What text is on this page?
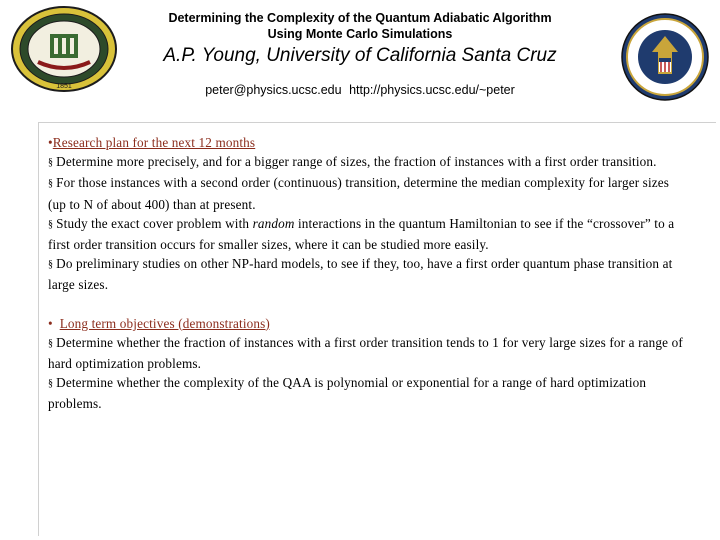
1851
Determining the Complexity of the Quantum Adiabatic Algorithm
Using Monte Carlo Simulations
A.P. Young, University of California Santa Cruz
peter@physics.ucsc.edu http://physics.ucsc.edu/~peter

•Research plan for the next 12 months

§ Determine more precisely, and for a bigger range of sizes, the fraction of instances with a first order transition.

§ For those instances with a second order (continuous) transition, determine the median complexity for larger sizes (up to N of about 400) than at present.

§ Study the exact cover problem with random interactions in the quantum Hamiltonian to see if the “crossover” to a first order transition occurs for smaller sizes, where it can be studied more easily.

§ Do preliminary studies on other NP-hard models, to see if they, too, have a first order quantum phase transition at large sizes.

• Long term objectives (demonstrations)

§ Determine whether the fraction of instances with a first order transition tends to 1 for very large sizes for a range of hard optimization problems.

§ Determine whether the complexity of the QAA is polynomial or exponential for a range of hard optimization problems.
